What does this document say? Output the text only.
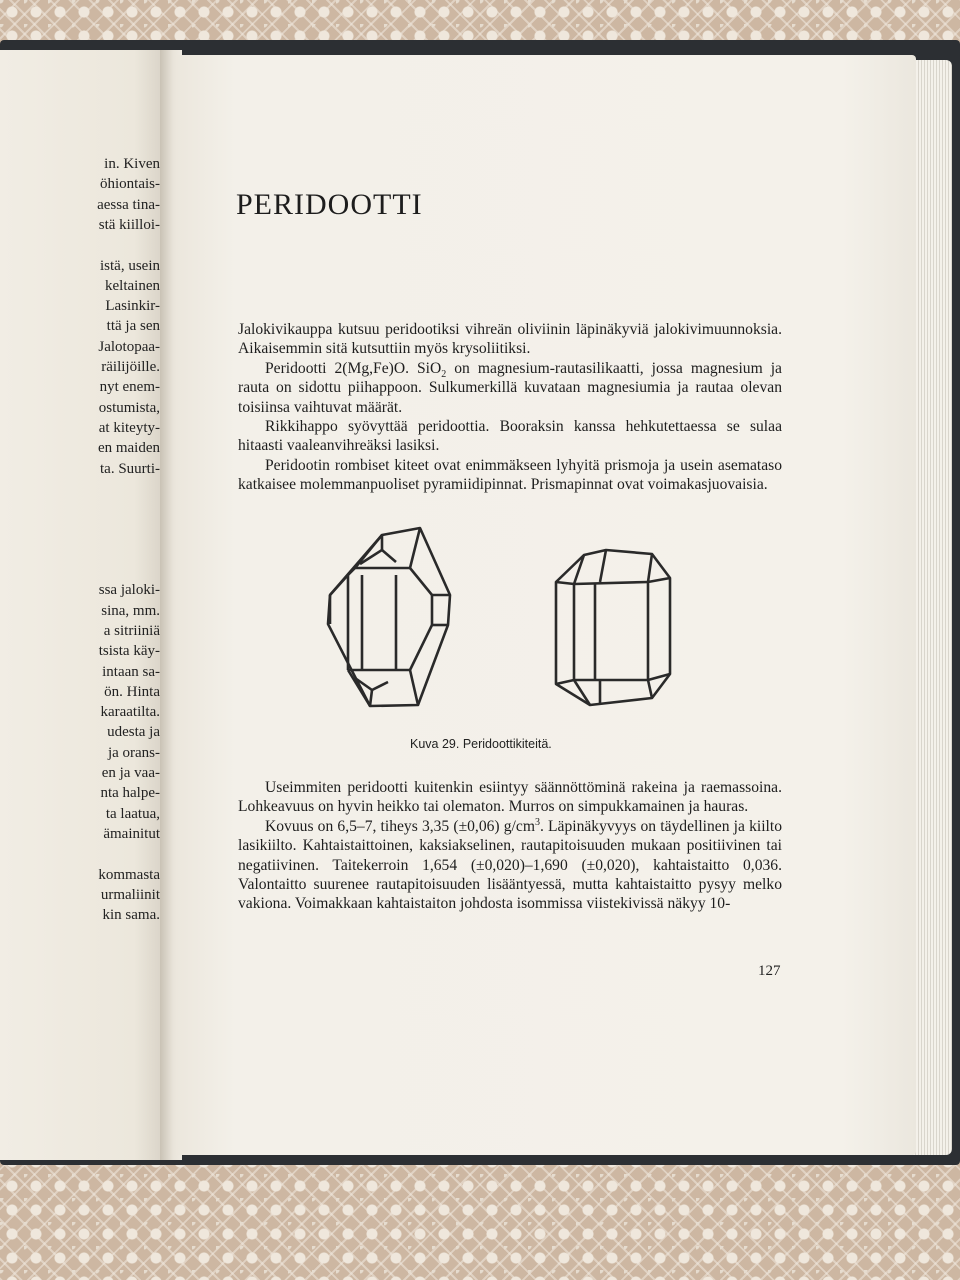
in. Kiven
öhiontais-
aessa tina-
stä kiilloi-
istä, usein
keltainen
Lasinkir-
ttä ja sen
Jalotopaa-
räilijöille.
nyt enem-
ostumista,
at kiteyty-
en maiden
ta. Suurti-
ssa jaloki-
sina, mm.
a sitriiniä
tsista käy-
intaan sa-
ön. Hinta
karaatilta.
udesta ja
ja orans-
en ja vaa-
nta halpe-
ta laatua,
ämainitut
kommasta
urmaliinit
kin sama.
PERIDOOTTI

Jalokivikauppa kutsuu peridootiksi vihreän oliviinin läpinäkyviä jalokivimuunnoksia. Aikaisemmin sitä kutsuttiin myös krysoliitiksi.

Peridootti 2(Mg,Fe)O. SiO$_2$ on magnesium-rautasilikaatti, jossa magnesium ja rauta on sidottu piihappoon. Sulkumerkillä kuvataan magnesiumia ja rautaa olevan toisiinsa vaihtuvat määrät.

Rikkihappo syövyttää peridoottia. Booraksin kanssa hehkutettaessa se sulaa hitaasti vaaleanvihreäksi lasiksi.

Peridootin rombiset kiteet ovat enimmäkseen lyhyitä prismoja ja usein asemataso katkaisee molemmanpuoliset pyramiidipinnat. Prismapinnat ovat voimakasjuovaisia.

Kuva 29. Peridoottikiteitä.

Useimmiten peridootti kuitenkin esiintyy säännöttöminä rakeina ja raemassoina. Lohkeavuus on hyvin heikko tai olematon. Murros on simpukkamainen ja hauras.

Kovuus on 6,5–7, tiheys 3,35 (±0,06) $g/cm^3$. Läpinäkyvyys on täydellinen ja kiilto lasikiilto. Kahtaistaittoinen, kaksiakselinen, rautapitoisuuden mukaan positiivinen tai negatiivinen. Taitekerroin 1,654 (±0,020)–1,690 (±0,020), kahtaistaitto 0,036. Valontaitto suurenee rautapitoisuuden lisääntyessä, mutta kahtaistaitto pysyy melko vakiona. Voimakkaan kahtaistaiton johdosta isommissa viistekivissä näkyy 10-

127
